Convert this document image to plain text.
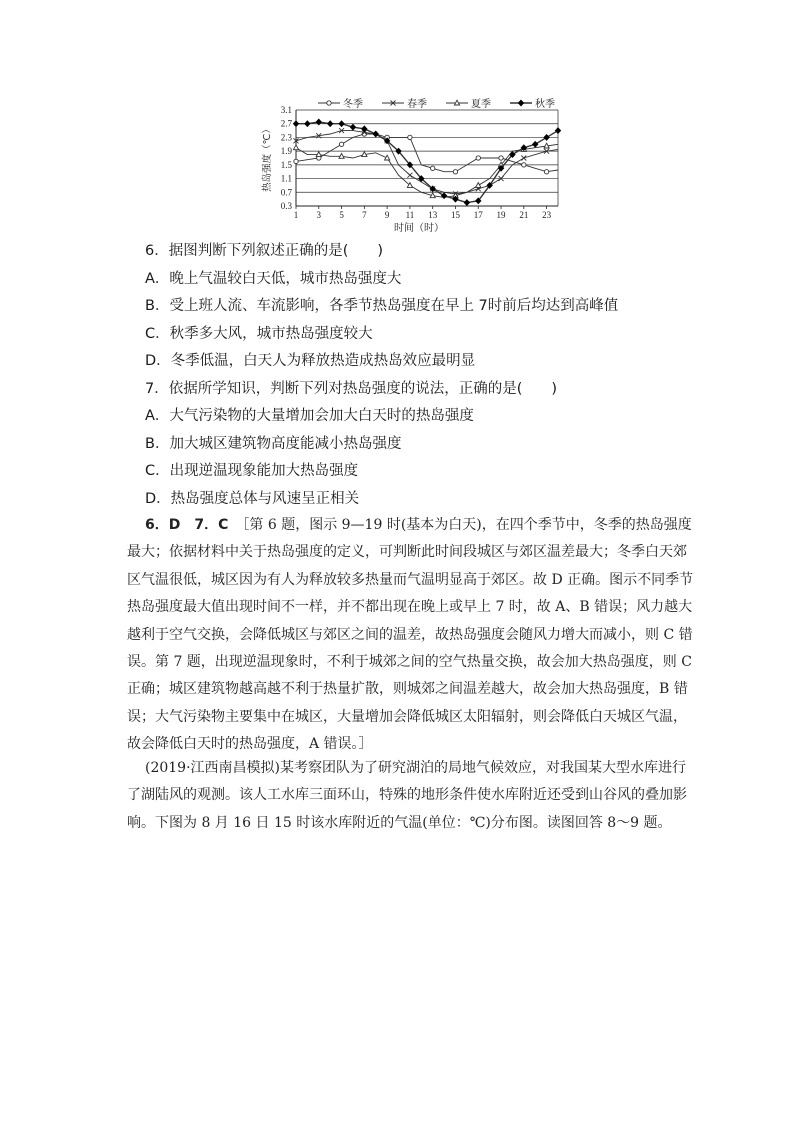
0.3
0.7
1.1
1.5
1.9
2.3
2.7
3.1
1 3 5 7 9 11 13 15 17 19 21 23
时间（时）
热岛强度（℃）
冬季	春季	夏季	秋季
6．据图判断下列叙述正确的是(　　)
A．晚上气温较白天低，城市热岛强度大
B．受上班人流、车流影响，各季节热岛强度在早上 7时前后均达到高峰值
C．秋季多大风，城市热岛强度较大
D．冬季低温，白天人为释放热造成热岛效应最明显
7．依据所学知识，判断下列对热岛强度的说法，正确的是(　　)
A．大气污染物的大量增加会加大白天时的热岛强度
B．加大城区建筑物高度能减小热岛强度
C．出现逆温现象能加大热岛强度
D．热岛强度总体与风速呈正相关
6．D　7．C　 ［第 6 题，图示 9—19 时(基本为白天)，在四个季节中，冬季的热岛强度
最大；依据材料中关于热岛强度的定义，可判断此时间段城区与郊区温差最大；冬季白天郊
区气温很低，城区因为有人为释放较多热量而气温明显高于郊区。故 D 正确。图示不同季节
热岛强度最大值出现时间不一样，并不都出现在晚上或早上 7 时，故 A、B 错误；风力越大
越利于空气交换，会降低城区与郊区之间的温差，故热岛强度会随风力增大而减小，则 C 错
误。第 7 题，出现逆温现象时，不利于城郊之间的空气热量交换，故会加大热岛强度，则 C
正确；城区建筑物越高越不利于热量扩散，则城郊之间温差越大，故会加大热岛强度，B 错
误；大气污染物主要集中在城区，大量增加会降低城区太阳辐射，则会降低白天城区气温，
故会降低白天时的热岛强度，A 错误。］
(2019·江西南昌模拟)某考察团队为了研究湖泊的局地气候效应，对我国某大型水库进行
了湖陆风的观测。该人工水库三面环山，特殊的地形条件使水库附近还受到山谷风的叠加影
响。下图为 8 月 16 日 15 时该水库附近的气温(单位：℃)分布图。读图回答 8～9 题。
